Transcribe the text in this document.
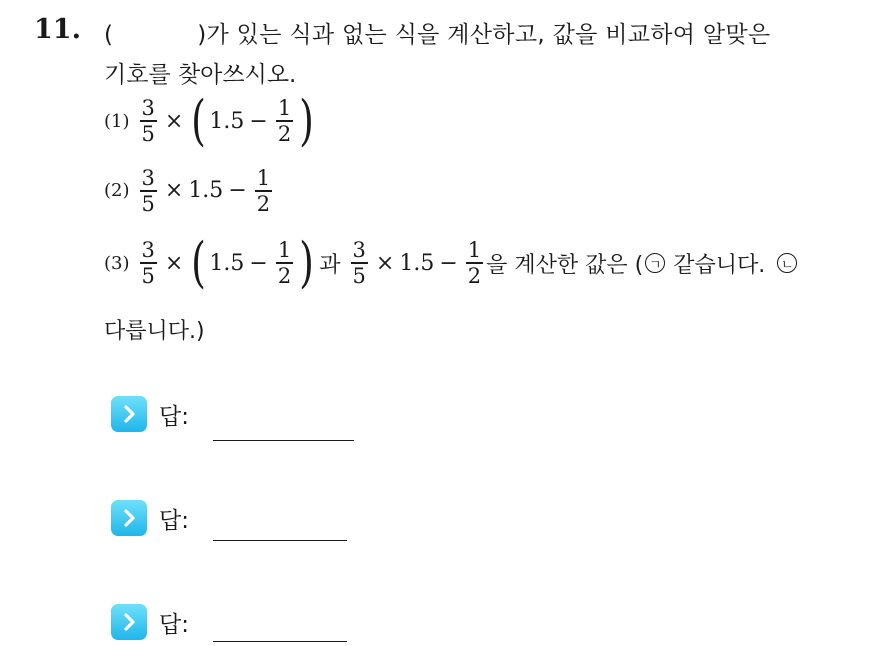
11. (	)가 있는 식과 없는 식을 계산하고, 값을 비교하여 알맞은
기호를 찾아쓰시오.
$(1) \frac{3}{5}$ × ( $1.5 - \frac{1}{2}$ )
$(2) \frac{3}{5} \times 1.5 - \frac{1}{2}$
$(3) \frac{3}{5}$ × ( $1.5 - \frac{1}{2}$ ) 과 $\frac{3}{5} \times 1.5 - \frac{1}{2}$ 을 계산한 값은 ( ㄱ 같습니다. ㄴ
다릅니다.)
답:
답:
답:
